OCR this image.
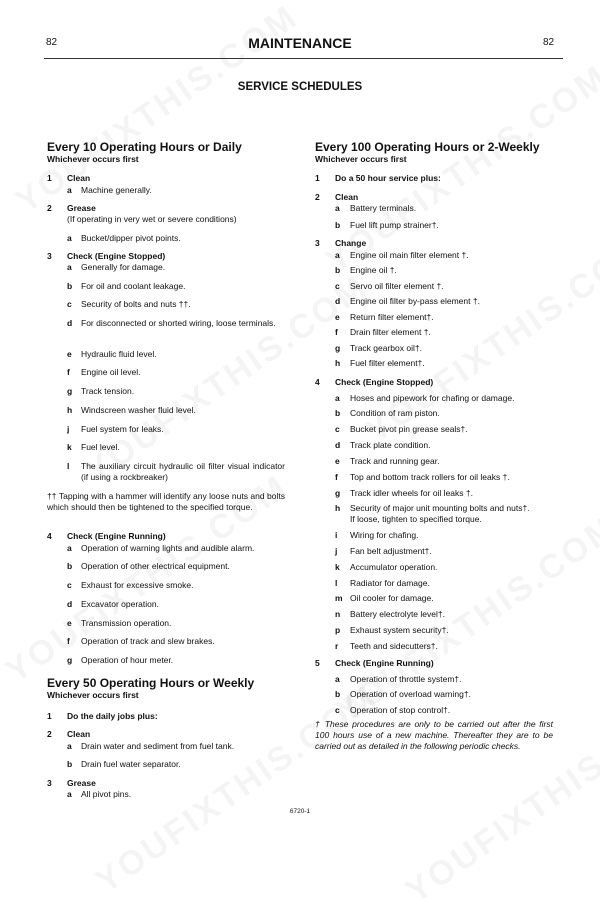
82	MAINTENANCE	82
SERVICE SCHEDULES
Every 10 Operating Hours or Daily
Whichever occurs first
1 Clean
a Machine generally.
2 Grease
(If operating in very wet or severe conditions)
a Bucket/dipper pivot points.
3 Check (Engine Stopped)
a Generally for damage.
b For oil and coolant leakage.
c Security of bolts and nuts ††.
d For disconnected or shorted wiring, loose terminals.
e Hydraulic fluid level.
f Engine oil level.
g Track tension.
h Windscreen washer fluid level.
j Fuel system for leaks.
k Fuel level.
l The auxiliary circuit hydraulic oil filter visual indicator (if using a rockbreaker)
†† Tapping with a hammer will identify any loose nuts and bolts which should then be tightened to the specified torque.
4 Check (Engine Running)
a Operation of warning lights and audible alarm.
b Operation of other electrical equipment.
c Exhaust for excessive smoke.
d Excavator operation.
e Transmission operation.
f Operation of track and slew brakes.
g Operation of hour meter.
Every 50 Operating Hours or Weekly
Whichever occurs first
1 Do the daily jobs plus:
2 Clean
a Drain water and sediment from fuel tank.
b Drain fuel water separator.
3 Grease
a All pivot pins.
Every 100 Operating Hours or 2-Weekly
Whichever occurs first
1 Do a 50 hour service plus:
2 Clean
a Battery terminals.
b Fuel lift pump strainer†.
3 Change
a Engine oil main filter element †.
b Engine oil †.
c Servo oil filter element †.
d Engine oil filter by-pass element †.
e Return filter element†.
f Drain filter element †.
g Track gearbox oil†.
h Fuel filter element†.
4 Check (Engine Stopped)
a Hoses and pipework for chafing or damage.
b Condition of ram piston.
c Bucket pivot pin grease seals†.
d Track plate condition.
e Track and running gear.
f Top and bottom track rollers for oil leaks †.
g Track idler wheels for oil leaks †.
h Security of major unit mounting bolts and nuts†.
If loose, tighten to specified torque.
i Wiring for chafing.
j Fan belt adjustment†.
k Accumulator operation.
l Radiator for damage.
m Oil cooler for damage.
n Battery electrolyte level†.
p Exhaust system security†.
r Teeth and sidecutters†.
5 Check (Engine Running)
a Operation of throttle system†.
b Operation of overload warning†.
c Operation of stop control†.
† These procedures are only to be carried out after the first 100 hours use of a new machine. Thereafter they are to be carried out as detailed in the following periodic checks.
6720-1
